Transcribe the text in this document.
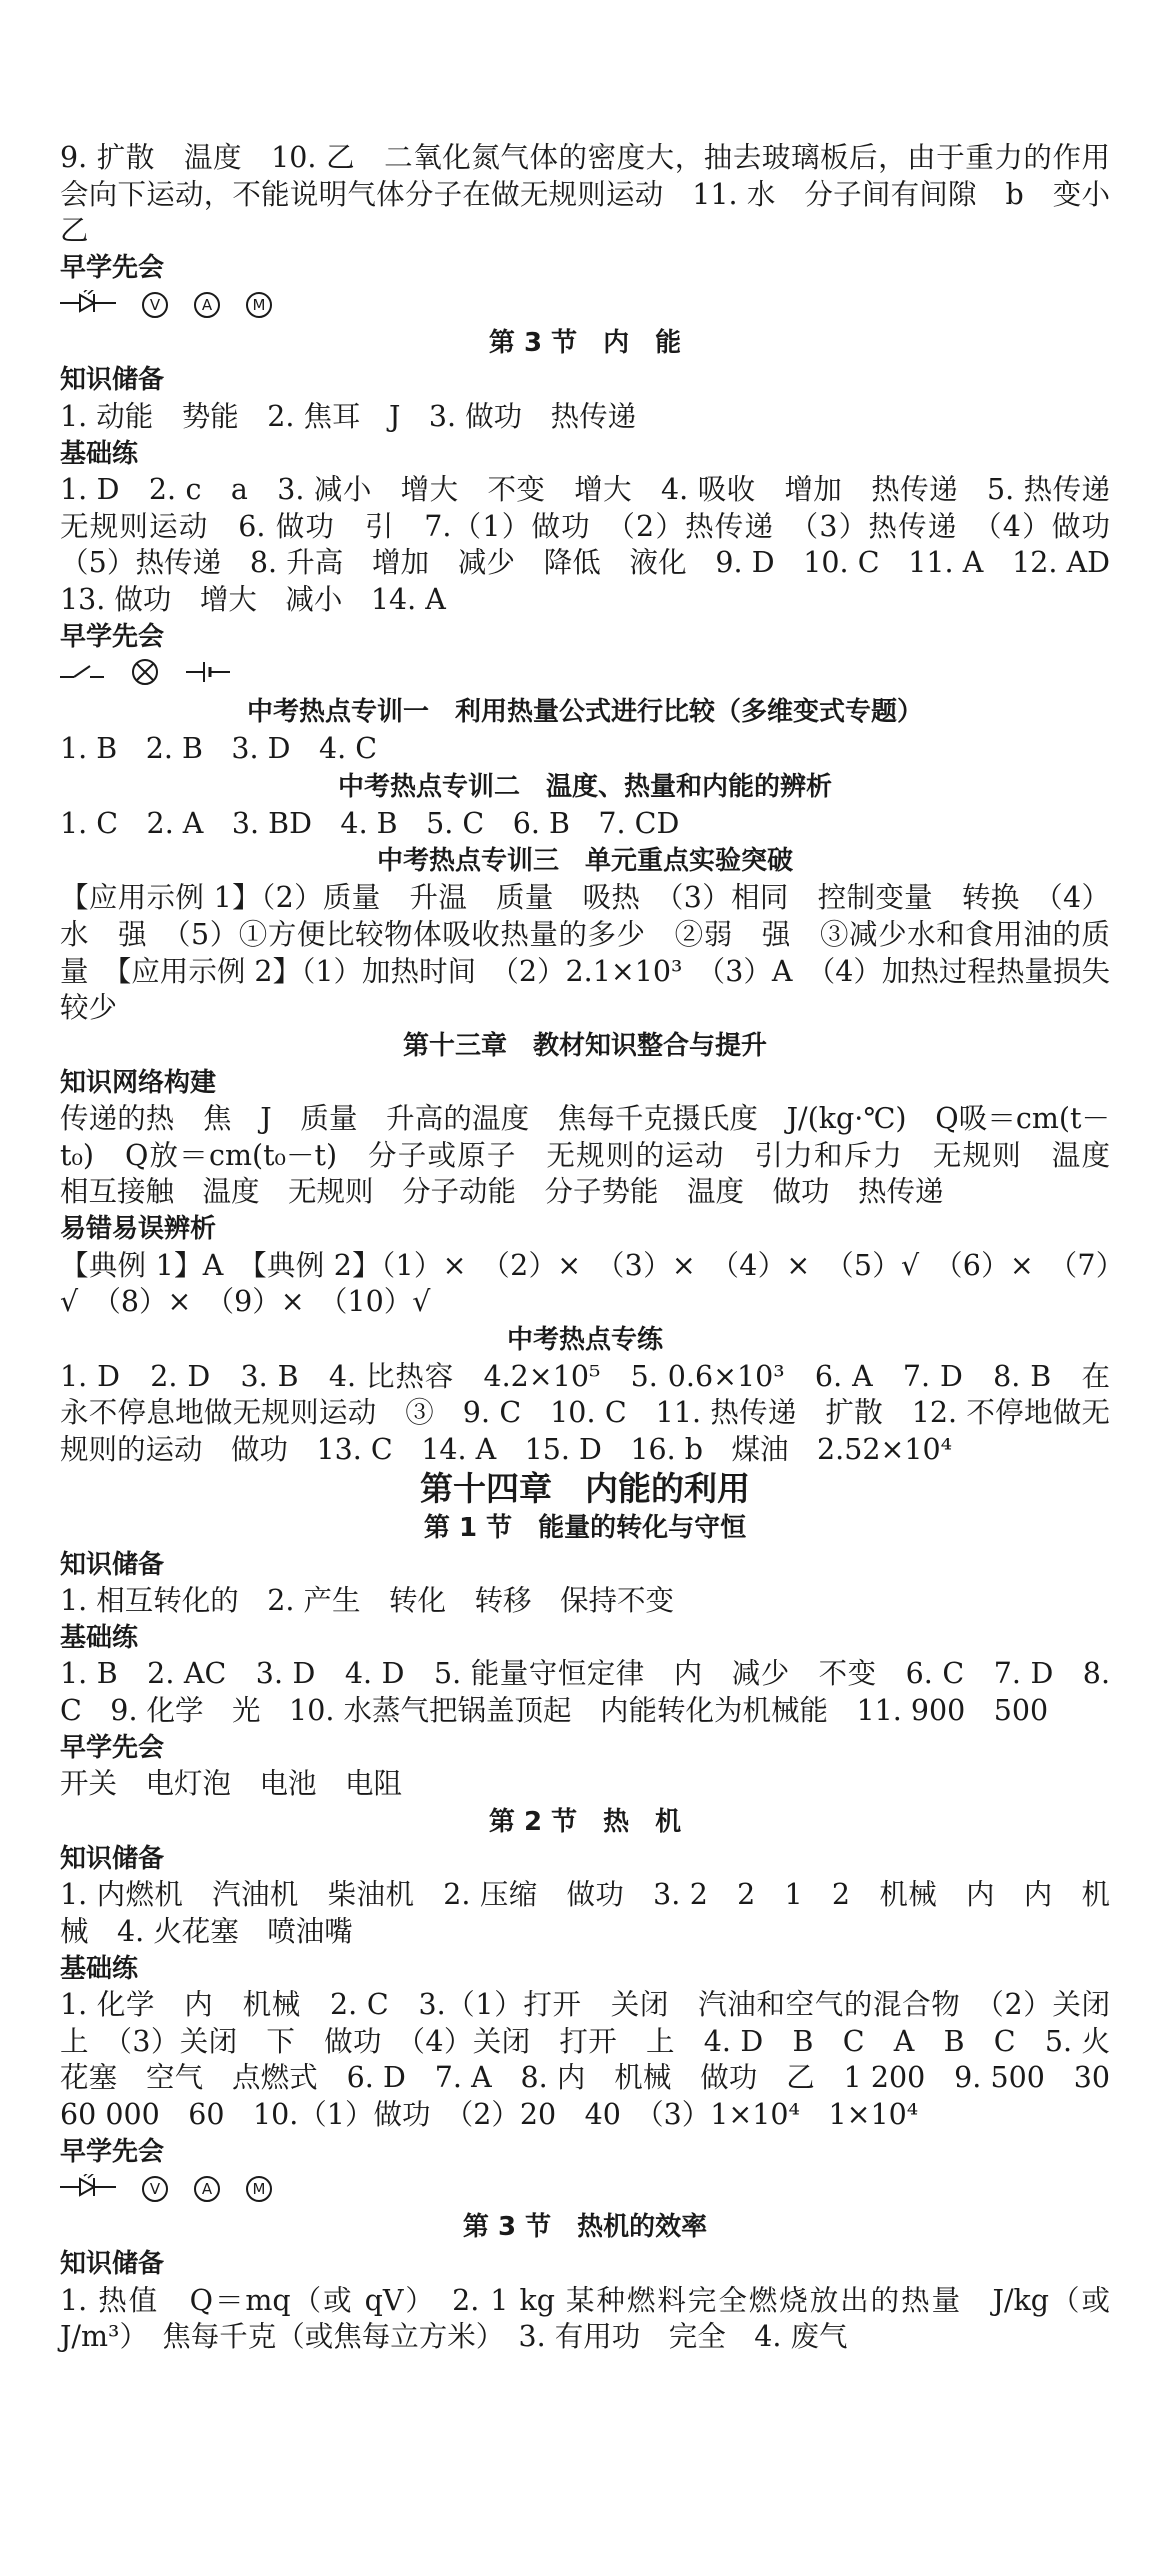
9. 扩散　温度　10. 乙　二氧化氮气体的密度大，抽去玻璃板后，由于重力的作用会向下运动，不能说明气体分子在做无规则运动　11. 水　分子间有间隙　b　变小　乙

早学先会
V	A	M
第 3 节　内　能
知识储备

1. 动能　势能　2. 焦耳　J　3. 做功　热传递

基础练

1. D　2. c　a　3. 减小　增大　不变　增大　4. 吸收　增加　热传递　5. 热传递　无规则运动　6. 做功　引　7.（1）做功　（2）热传递　（3）热传递　（4）做功　（5）热传递　8. 升高　增加　减少　降低　液化　9. D　10. C　11. A　12. AD　13. 做功　增大　减小　14. A

早学先会
中考热点专训一　利用热量公式进行比较（多维变式专题）

1. B　2. B　3. D　4. C

中考热点专训二　温度、热量和内能的辨析

1. C　2. A　3. BD　4. B　5. C　6. B　7. CD

中考热点专训三　单元重点实验突破

【应用示例 1】（2）质量　升温　质量　吸热　（3）相同　控制变量　转换　（4）水　强　（5）①方便比较物体吸收热量的多少　②弱　强　③减少水和食用油的质量　【应用示例 2】（1）加热时间　（2）2.1×10³　（3）A　（4）加热过程热量损失较少

第十三章　教材知识整合与提升
知识网络构建

传递的热　焦　J　质量　升高的温度　焦每千克摄氏度　J/(kg·℃)　Q吸＝cm(t－t₀)　Q放＝cm(t₀－t)　分子或原子　无规则的运动　引力和斥力　无规则　温度　相互接触　温度　无规则　分子动能　分子势能　温度　做功　热传递

易错易误辨析

【典例 1】A　【典例 2】（1）×　（2）×　（3）×　（4）×　（5）√　（6）×　（7）√　（8）×　（9）×　（10）√

中考热点专练

1. D　2. D　3. B　4. 比热容　4.2×10⁵　5. 0.6×10³　6. A　7. D　8. B　在永不停息地做无规则运动　③　9. C　10. C　11. 热传递　扩散　12. 不停地做无规则的运动　做功　13. C　14. A　15. D　16. b　煤油　2.52×10⁴

第十四章　内能的利用
第 1 节　能量的转化与守恒
知识储备

1. 相互转化的　2. 产生　转化　转移　保持不变

基础练

1. B　2. AC　3. D　4. D　5. 能量守恒定律　内　减少　不变　6. C　7. D　8. C　9. 化学　光　10. 水蒸气把锅盖顶起　内能转化为机械能　11. 900　500

早学先会

开关　电灯泡　电池　电阻

第 2 节　热　机
知识储备

1. 内燃机　汽油机　柴油机　2. 压缩　做功　3. 2　2　1　2　机械　内　内　机械　4. 火花塞　喷油嘴

基础练

1. 化学　内　机械　2. C　3.（1）打开　关闭　汽油和空气的混合物　（2）关闭　上　（3）关闭　下　做功　（4）关闭　打开　上　4. D　B　C　A　B　C　5. 火花塞　空气　点燃式　6. D　7. A　8. 内　机械　做功　乙　1 200　9. 500　30　60 000　60　10.（1）做功　（2）20　40　（3）1×10⁴　1×10⁴

早学先会
V	A	M
第 3 节　热机的效率
知识储备

1. 热值　Q＝mq（或 qV）　2. 1 kg 某种燃料完全燃烧放出的热量　J/kg（或 J/m³）　焦每千克（或焦每立方米）　3. 有用功　完全　4. 废气
